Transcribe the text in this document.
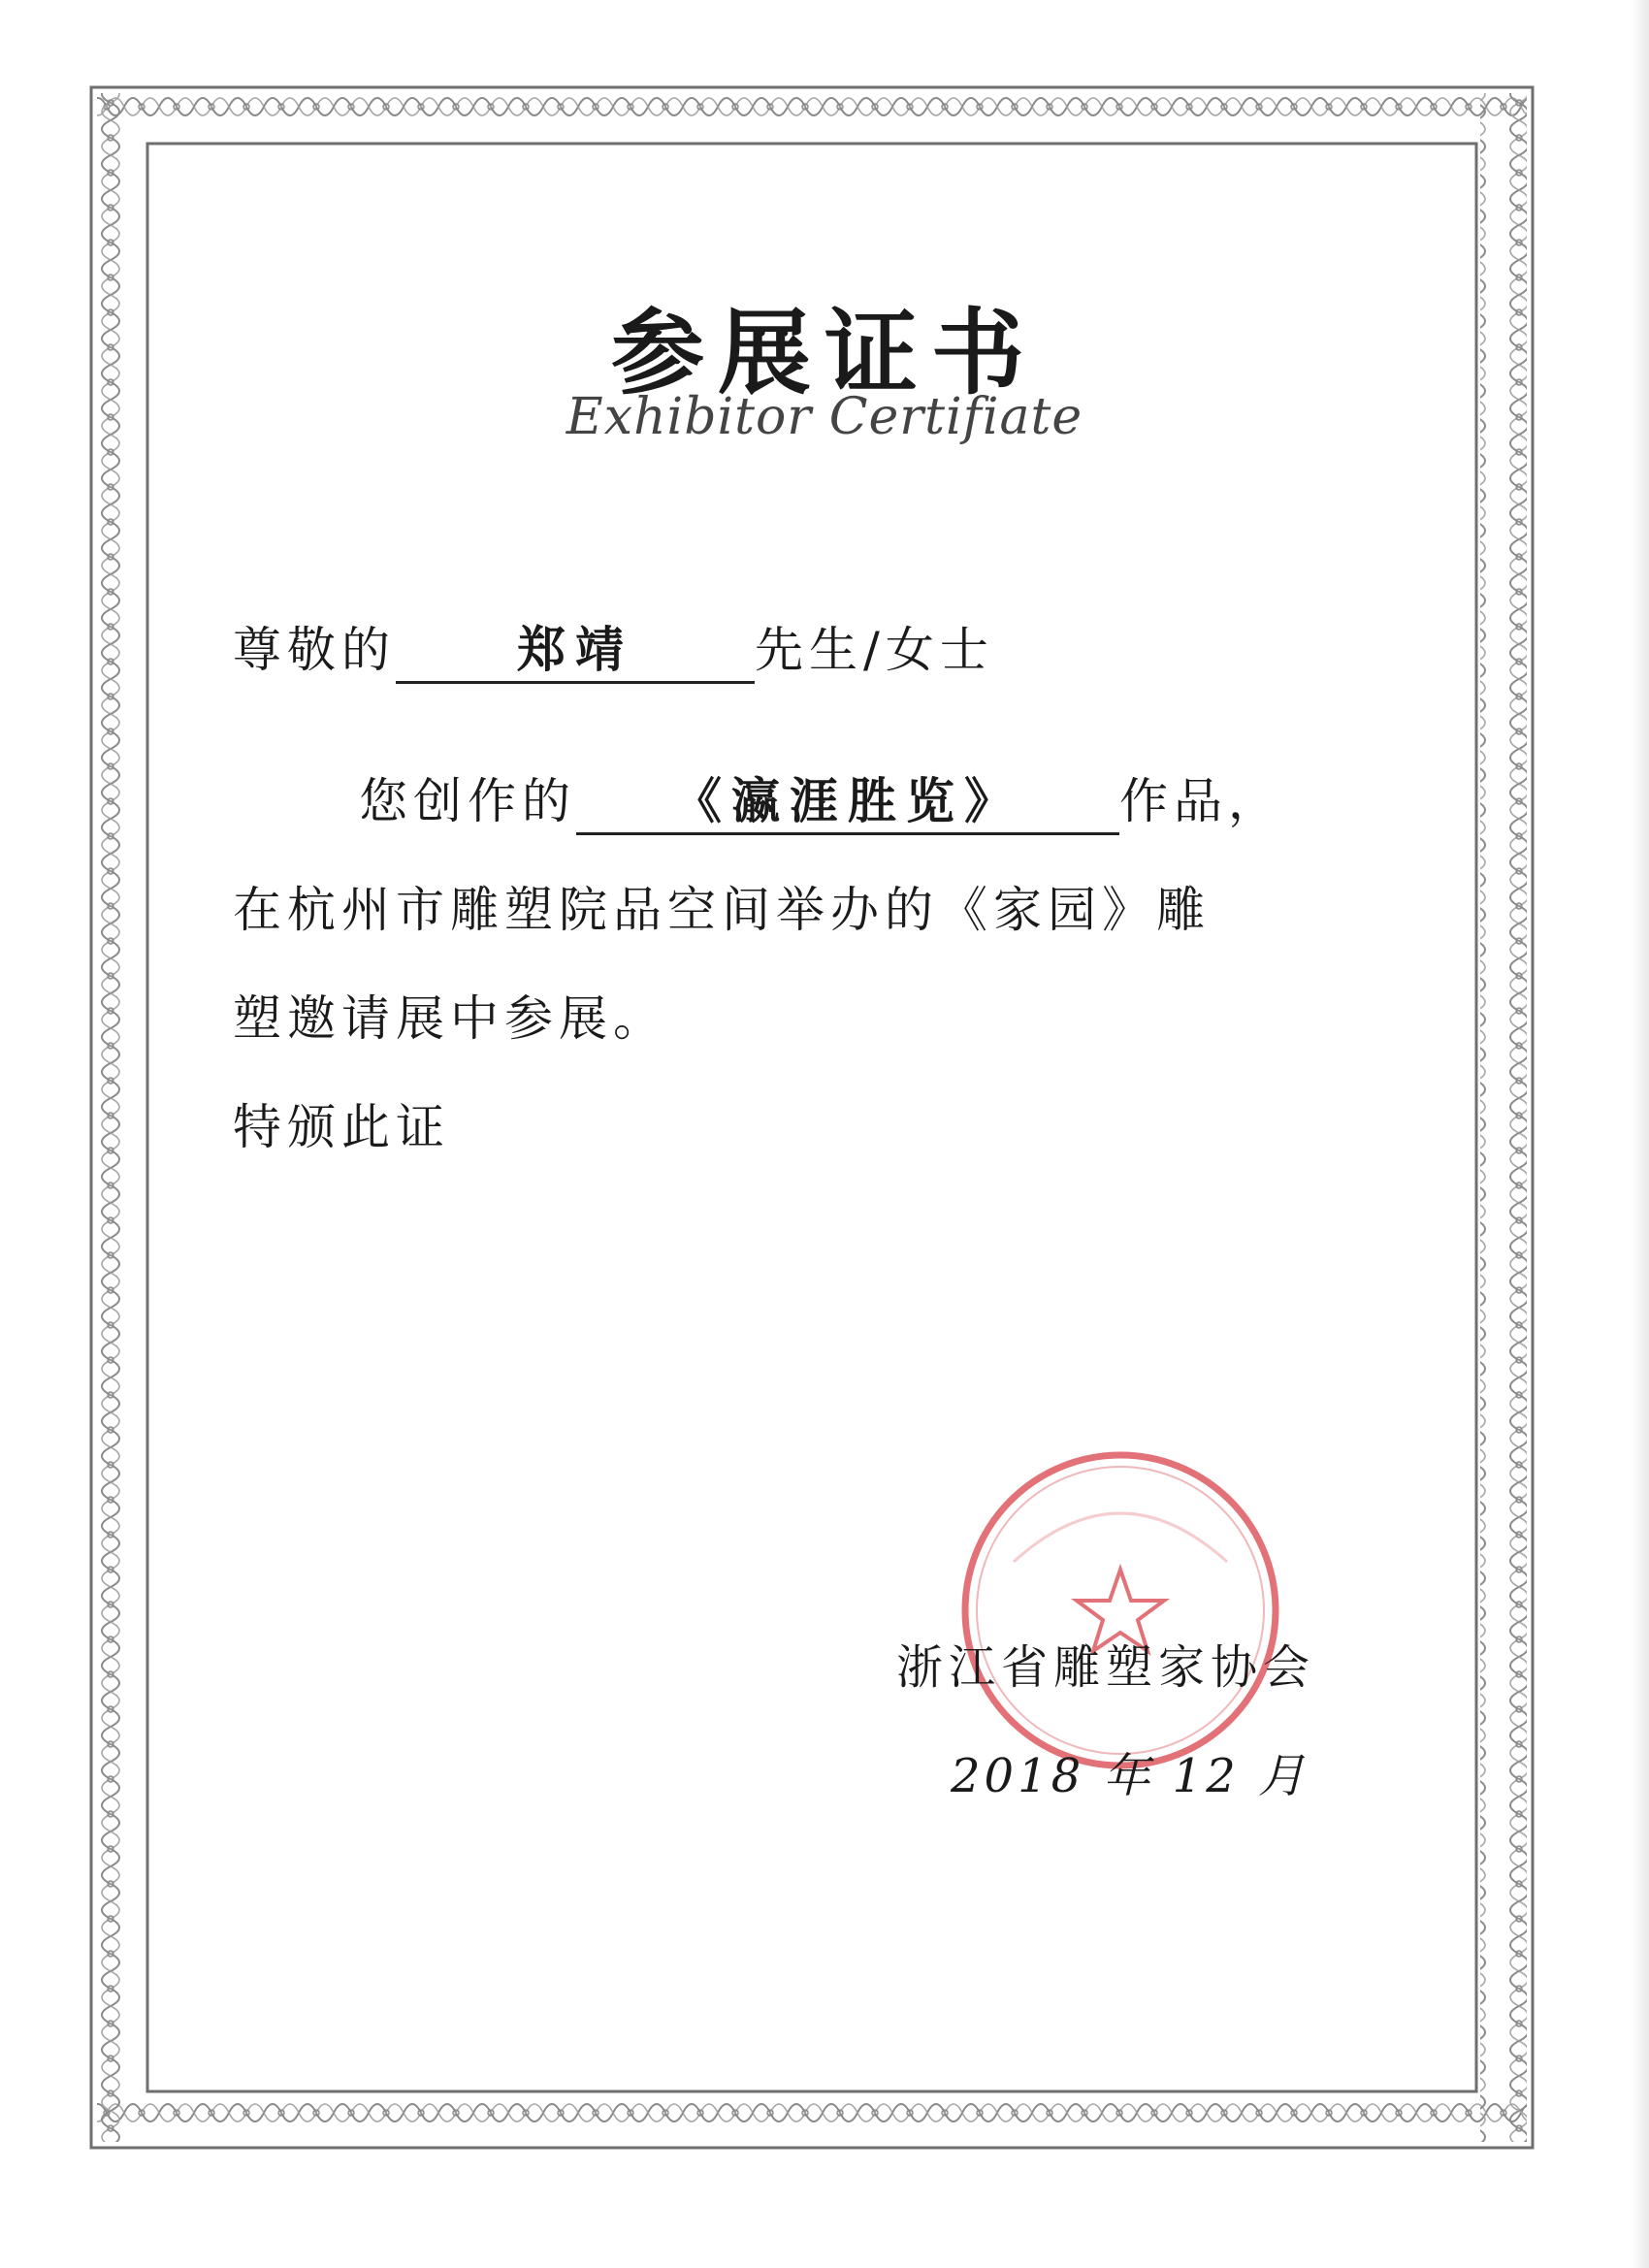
参展证书
Exhibitor Certifiate
尊敬的	郑靖	先生/女士
您创作的 《瀛涯胜览》 作品，
在杭州市雕塑院品空间举办的《家园》雕
塑邀请展中参展。
特颁此证
浙江省雕塑家协会
2018 年 12 月
